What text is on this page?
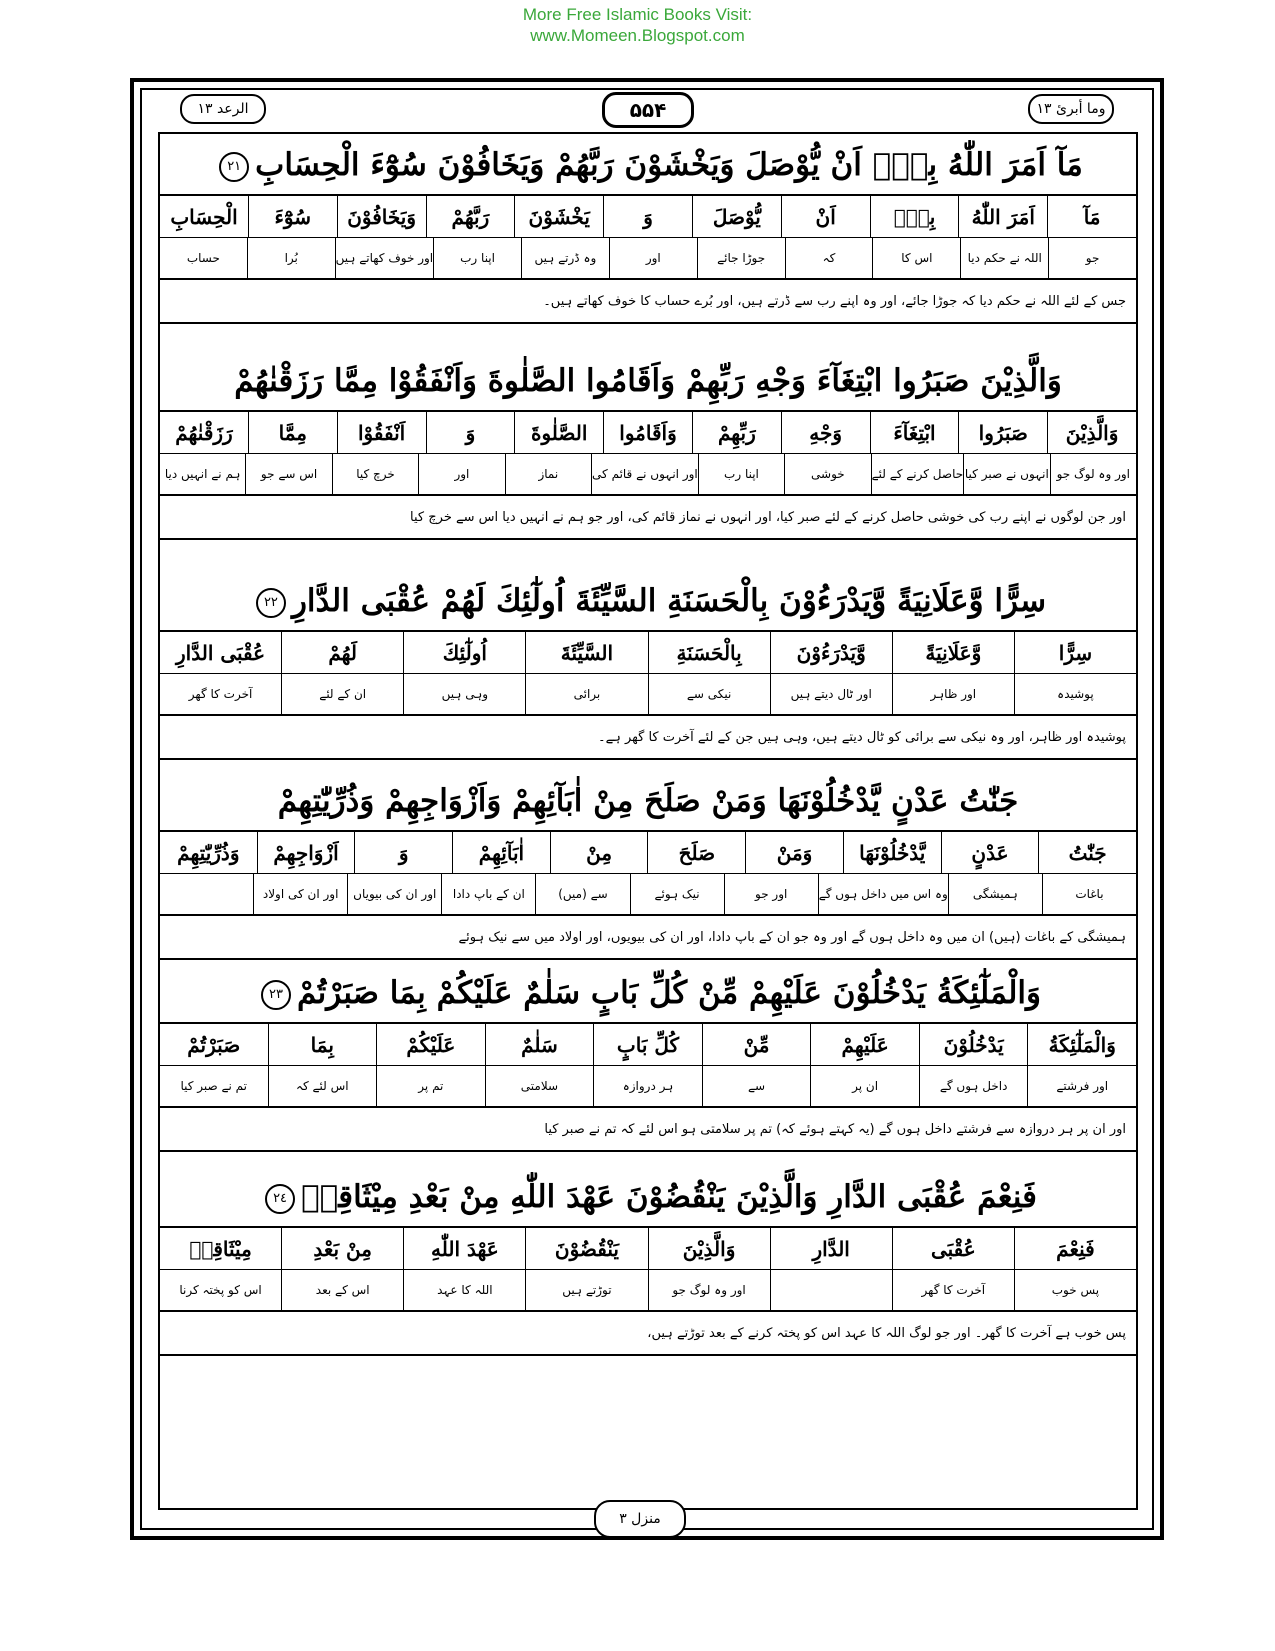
More Free Islamic Books Visit:
www.Momeen.Blogspot.com
الرعد ١٣	۵۵۴	وما أبرئ ١٣
مَآ اَمَرَ اللّٰهُ بِهٖٓ اَنْ يُّوْصَلَ وَيَخْشَوْنَ رَبَّهُمْ وَيَخَافُوْنَ سُوْٓءَ الْحِسَابِ٢١
مَآ
اَمَرَ اللّٰهُ
بِهٖٓ
اَنْ
يُّوْصَلَ
وَ
يَخْشَوْنَ
رَبَّهُمْ
وَيَخَافُوْنَ
سُوْٓءَ
الْحِسَابِ
جو
اللہ نے حکم دیا
اس کا
کہ
جوڑا جائے
اور
وہ ڈرتے ہیں
اپنا رب
اور خوف کھاتے ہیں
بُرا
حساب
جس کے لئے اللہ نے حکم دیا کہ جوڑا جائے، اور وہ اپنے رب سے ڈرتے ہیں، اور بُرے حساب کا خوف کھاتے ہیں۔
وَالَّذِيْنَ صَبَرُوا ابْتِغَآءَ وَجْهِ رَبِّهِمْ وَاَقَامُوا الصَّلٰوةَ وَاَنْفَقُوْا مِمَّا رَزَقْنٰهُمْ
وَالَّذِيْنَ
صَبَرُوا
ابْتِغَآءَ
وَجْهِ
رَبِّهِمْ
وَاَقَامُوا
الصَّلٰوةَ
وَ
اَنْفَقُوْا
مِمَّا
رَزَقْنٰهُمْ
اور وہ لوگ جو
انہوں نے صبر کیا
حاصل کرنے کے لئے
خوشی
اپنا رب
اور انہوں نے قائم کی
نماز
اور
خرچ کیا
اس سے جو
ہم نے انہیں دیا
اور جن لوگوں نے اپنے رب کی خوشی حاصل کرنے کے لئے صبر کیا، اور انہوں نے نماز قائم کی، اور جو ہم نے انہیں دیا اس سے خرچ کیا
سِرًّا وَّعَلَانِيَةً وَّيَدْرَءُوْنَ بِالْحَسَنَةِ السَّيِّئَةَ اُولٰٓئِكَ لَهُمْ عُقْبَى الدَّارِ٢٢
سِرًّا
وَّعَلَانِيَةً
وَّيَدْرَءُوْنَ
بِالْحَسَنَةِ
السَّيِّئَةَ
اُولٰٓئِكَ
لَهُمْ
عُقْبَى الدَّارِ
پوشیدہ
اور ظاہر
اور ٹال دیتے ہیں
نیکی سے
برائی
وہی ہیں
ان کے لئے
آخرت کا گھر
پوشیدہ اور ظاہر، اور وہ نیکی سے برائی کو ٹال دیتے ہیں، وہی ہیں جن کے لئے آخرت کا گھر ہے۔
جَنّٰتُ عَدْنٍ يَّدْخُلُوْنَهَا وَمَنْ صَلَحَ مِنْ اٰبَآئِهِمْ وَاَزْوَاجِهِمْ وَذُرِّيّٰتِهِمْ
جَنّٰتُ
عَدْنٍ
يَّدْخُلُوْنَهَا
وَمَنْ
صَلَحَ
مِنْ
اٰبَآئِهِمْ
وَ
اَزْوَاجِهِمْ
وَذُرِّيّٰتِهِمْ
باغات
ہمیشگی
وہ اس میں داخل ہوں گے
اور جو
نیک ہوئے
سے (میں)
ان کے باپ دادا
اور ان کی بیویاں
اور ان کی اولاد
ہمیشگی کے باغات (ہیں) ان میں وہ داخل ہوں گے اور وہ جو ان کے باپ دادا، اور ان کی بیویوں، اور اولاد میں سے نیک ہوئے
وَالْمَلٰٓئِكَةُ يَدْخُلُوْنَ عَلَيْهِمْ مِّنْ كُلِّ بَابٍ سَلٰمٌ عَلَيْكُمْ بِمَا صَبَرْتُمْ٢٣
وَالْمَلٰٓئِكَةُ
يَدْخُلُوْنَ
عَلَيْهِمْ
مِّنْ
كُلِّ بَابٍ
سَلٰمٌ
عَلَيْكُمْ
بِمَا
صَبَرْتُمْ
اور فرشتے
داخل ہوں گے
ان پر
سے
ہر دروازہ
سلامتی
تم پر
اس لئے کہ
تم نے صبر کیا
اور ان پر ہر دروازہ سے فرشتے داخل ہوں گے (یہ کہتے ہوئے کہ) تم پر سلامتی ہو اس لئے کہ تم نے صبر کیا
فَنِعْمَ عُقْبَى الدَّارِ وَالَّذِيْنَ يَنْقُضُوْنَ عَهْدَ اللّٰهِ مِنْ بَعْدِ مِيْثَاقِهٖ٢٤
فَنِعْمَ
عُقْبَى
الدَّارِ
وَالَّذِيْنَ
يَنْقُضُوْنَ
عَهْدَ اللّٰهِ
مِنْ بَعْدِ
مِيْثَاقِهٖ
پس خوب
آخرت کا گھر
اور وہ لوگ جو
توڑتے ہیں
اللہ کا عہد
اس کے بعد
اس کو پختہ کرنا
پس خوب ہے آخرت کا گھر۔ اور جو لوگ اللہ کا عہد اس کو پختہ کرنے کے بعد توڑتے ہیں،
منزل ٣
